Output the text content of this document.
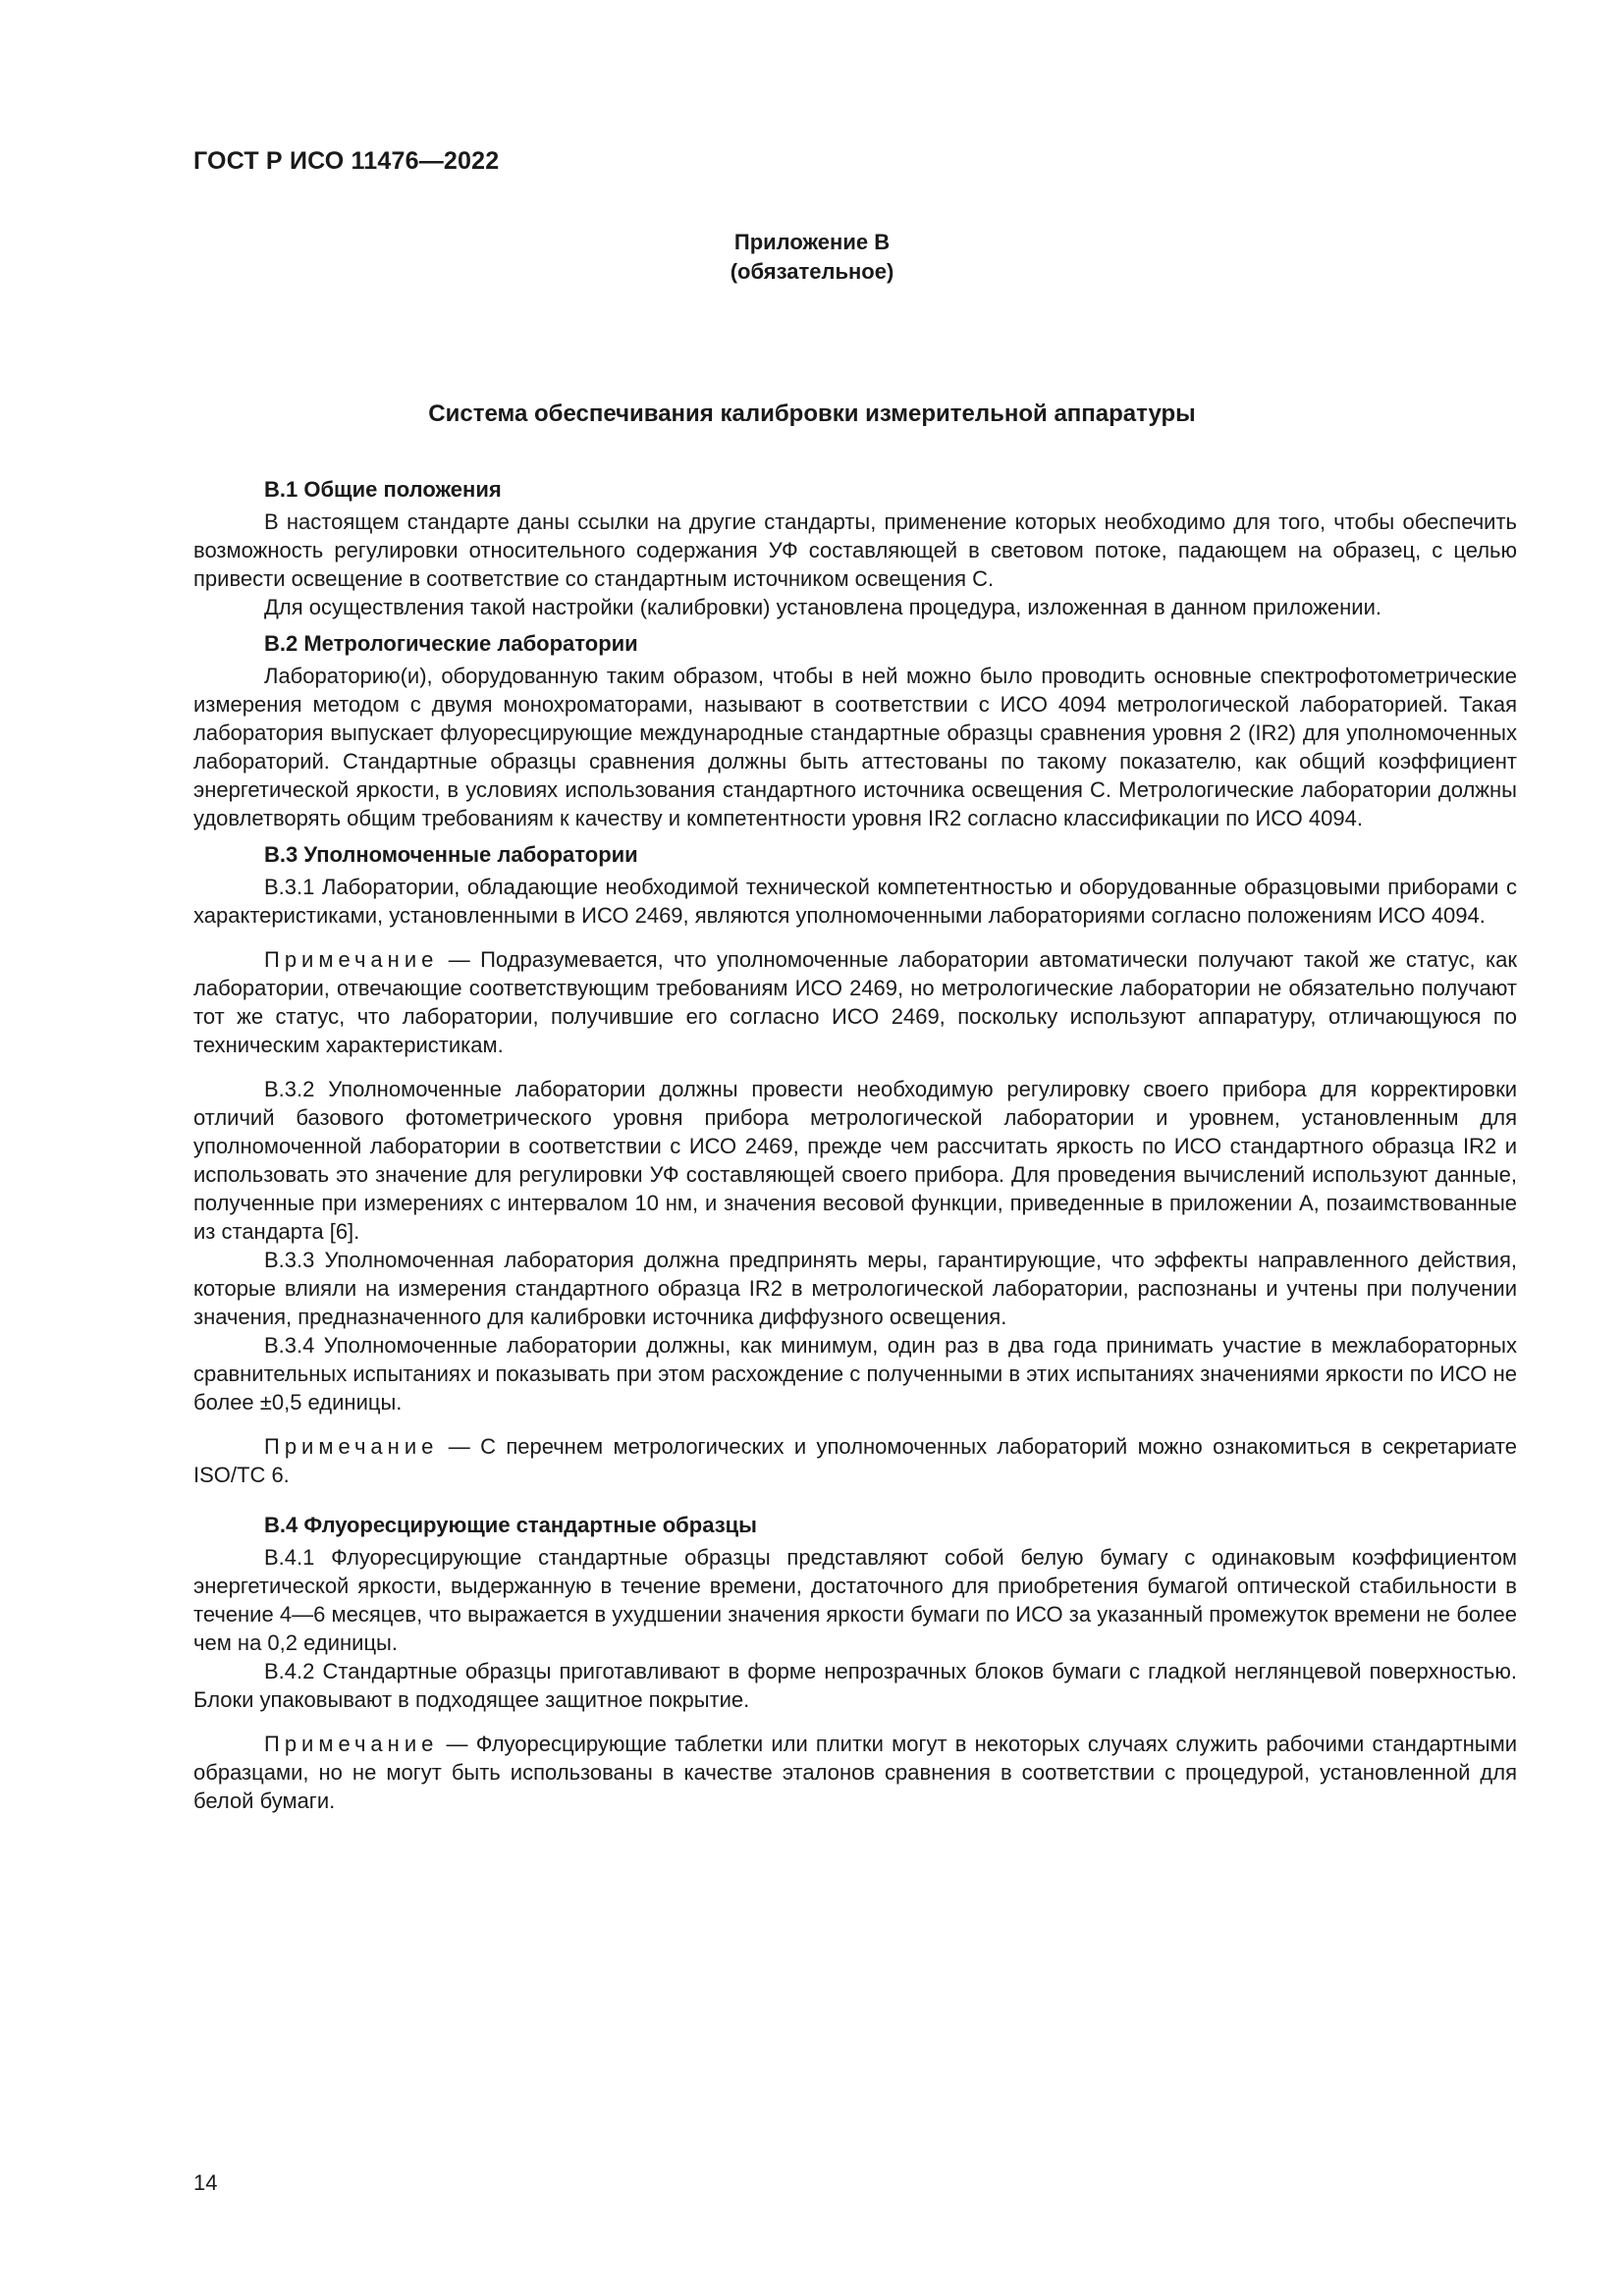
ГОСТ Р ИСО 11476—2022
Приложение В
(обязательное)
Система обеспечивания калибровки измерительной аппаратуры
В.1 Общие положения

В настоящем стандарте даны ссылки на другие стандарты, применение которых необходимо для того, чтобы обеспечить возможность регулировки относительного содержания УФ составляющей в световом потоке, падающем на образец, с целью привести освещение в соответствие со стандартным источником освещения С.

Для осуществления такой настройки (калибровки) установлена процедура, изложенная в данном приложении.

В.2 Метрологические лаборатории

Лабораторию(и), оборудованную таким образом, чтобы в ней можно было проводить основные спектрофотометрические измерения методом с двумя монохроматорами, называют в соответствии с ИСО 4094 метрологической лабораторией. Такая лаборатория выпускает флуоресцирующие международные стандартные образцы сравнения уровня 2 (IR2) для уполномоченных лабораторий. Стандартные образцы сравнения должны быть аттестованы по такому показателю, как общий коэффициент энергетической яркости, в условиях использования стандартного источника освещения С. Метрологические лаборатории должны удовлетворять общим требованиям к качеству и компетентности уровня IR2 согласно классификации по ИСО 4094.

В.3 Уполномоченные лаборатории

В.3.1 Лаборатории, обладающие необходимой технической компетентностью и оборудованные образцовыми приборами с характеристиками, установленными в ИСО 2469, являются уполномоченными лабораториями согласно положениям ИСО 4094.

Примечание — Подразумевается, что уполномоченные лаборатории автоматически получают такой же статус, как лаборатории, отвечающие соответствующим требованиям ИСО 2469, но метрологические лаборатории не обязательно получают тот же статус, что лаборатории, получившие его согласно ИСО 2469, поскольку используют аппаратуру, отличающуюся по техническим характеристикам.

В.3.2 Уполномоченные лаборатории должны провести необходимую регулировку своего прибора для корректировки отличий базового фотометрического уровня прибора метрологической лаборатории и уровнем, установленным для уполномоченной лаборатории в соответствии с ИСО 2469, прежде чем рассчитать яркость по ИСО стандартного образца IR2 и использовать это значение для регулировки УФ составляющей своего прибора. Для проведения вычислений используют данные, полученные при измерениях с интервалом 10 нм, и значения весовой функции, приведенные в приложении А, позаимствованные из стандарта [6].

В.3.3 Уполномоченная лаборатория должна предпринять меры, гарантирующие, что эффекты направленного действия, которые влияли на измерения стандартного образца IR2 в метрологической лаборатории, распознаны и учтены при получении значения, предназначенного для калибровки источника диффузного освещения.

В.3.4 Уполномоченные лаборатории должны, как минимум, один раз в два года принимать участие в межлабораторных сравнительных испытаниях и показывать при этом расхождение с полученными в этих испытаниях значениями яркости по ИСО не более ±0,5 единицы.

Примечание — С перечнем метрологических и уполномоченных лабораторий можно ознакомиться в секретариате ISO/TC 6.

В.4 Флуоресцирующие стандартные образцы

В.4.1 Флуоресцирующие стандартные образцы представляют собой белую бумагу с одинаковым коэффициентом энергетической яркости, выдержанную в течение времени, достаточного для приобретения бумагой оптической стабильности в течение 4—6 месяцев, что выражается в ухудшении значения яркости бумаги по ИСО за указанный промежуток времени не более чем на 0,2 единицы.

В.4.2 Стандартные образцы приготавливают в форме непрозрачных блоков бумаги с гладкой неглянцевой поверхностью. Блоки упаковывают в подходящее защитное покрытие.

Примечание — Флуоресцирующие таблетки или плитки могут в некоторых случаях служить рабочими стандартными образцами, но не могут быть использованы в качестве эталонов сравнения в соответствии с процедурой, установленной для белой бумаги.

14
